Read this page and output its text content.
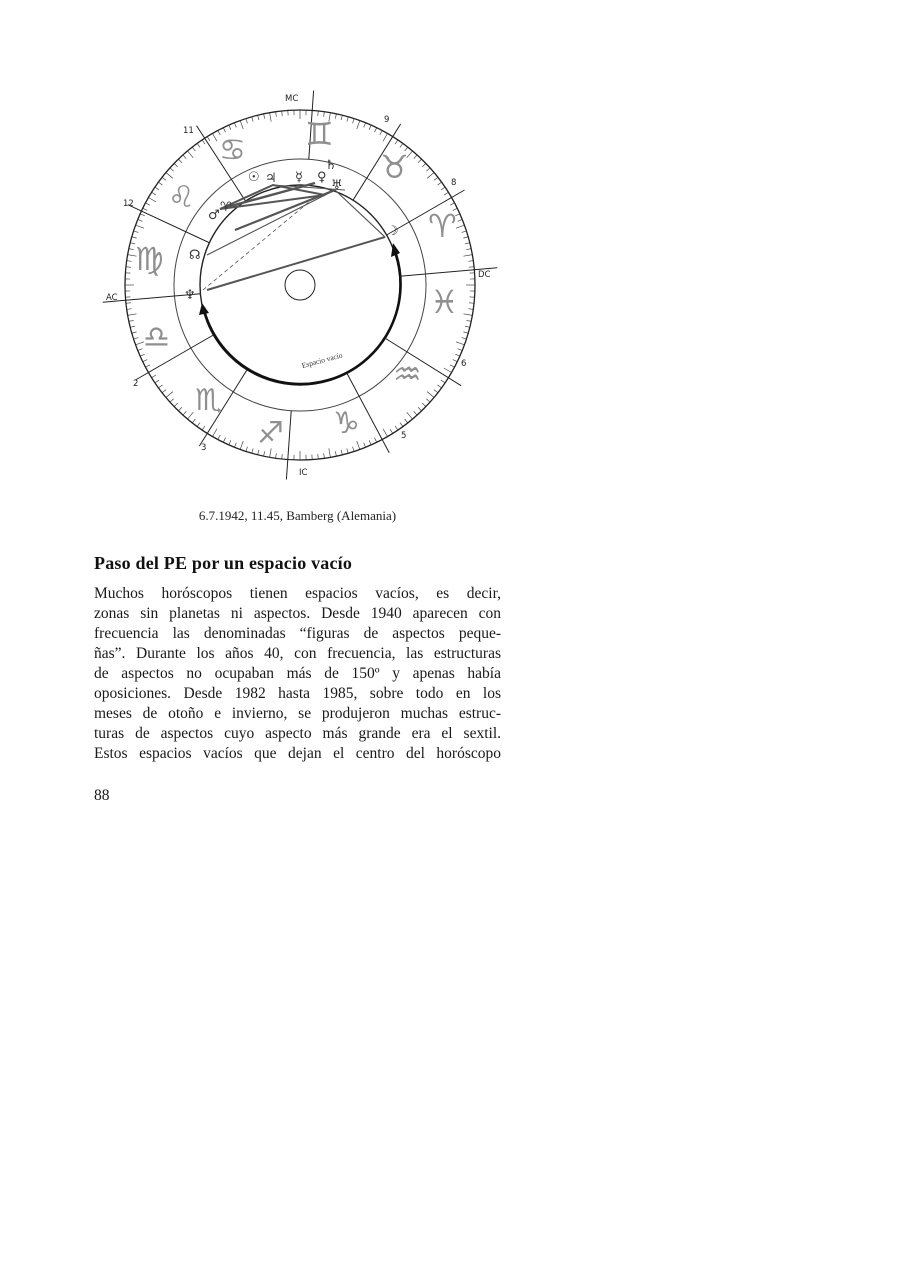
MC
IC
AC
DC
11
12
2
3
5
6
8
9
♊
♋
♌
♍
♎
♏
♐ ♑
♒
♓
♈
♉
☉ ♃ ☿ ♀
♄
♅
♂
♈
☽
♆
☊
Espacio vacío
6.7.1942, 11.45, Bamberg (Alemania)
Paso del PE por un espacio vacío
Muchos horóscopos tienen espacios vacíos, es decir,
zonas sin planetas ni aspectos. Desde 1940 aparecen con
frecuencia las denominadas “figuras de aspectos peque-
ñas”. Durante los años 40, con frecuencia, las estructuras
de aspectos no ocupaban más de 150º y apenas había
oposiciones. Desde 1982 hasta 1985, sobre todo en los
meses de otoño e invierno, se produjeron muchas estruc-
turas de aspectos cuyo aspecto más grande era el sextil.
Estos espacios vacíos que dejan el centro del horóscopo
88
